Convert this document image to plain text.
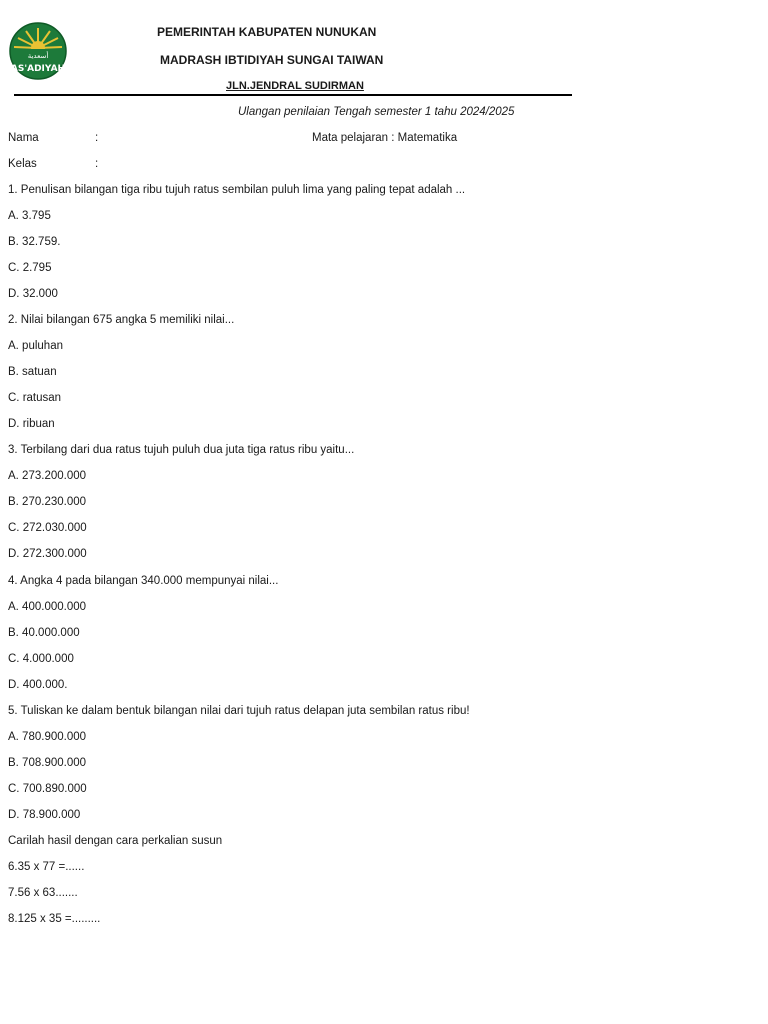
أسعدية
AS'ADIYAH
PEMERINTAH KABUPATEN NUNUKAN
MADRASH IBTIDIYAH SUNGAI TAIWAN
JLN.JENDRAL SUDIRMAN
Ulangan penilaian Tengah semester 1 tahu 2024/2025
Nama	:	Mata pelajaran : Matematika
Kelas	:
1. Penulisan bilangan tiga ribu tujuh ratus sembilan puluh lima yang paling tepat adalah ...
A. 3.795
B. 32.759.
C. 2.795
D. 32.000
2. Nilai bilangan 675 angka 5 memiliki nilai...
A. puluhan
B. satuan
C. ratusan
D. ribuan
3. Terbilang dari dua ratus tujuh puluh dua juta tiga ratus ribu yaitu...
A. 273.200.000
B. 270.230.000
C. 272.030.000
D. 272.300.000
4. Angka 4 pada bilangan 340.000 mempunyai nilai...
A. 400.000.000
B. 40.000.000
C. 4.000.000
D. 400.000.
5. Tuliskan ke dalam bentuk bilangan nilai dari tujuh ratus delapan juta sembilan ratus ribu!
A. 780.900.000
B. 708.900.000
C. 700.890.000
D. 78.900.000
Carilah hasil dengan cara perkalian susun
6.35 x 77 =......
7.56 x 63.......
8.125 x 35 =.........
